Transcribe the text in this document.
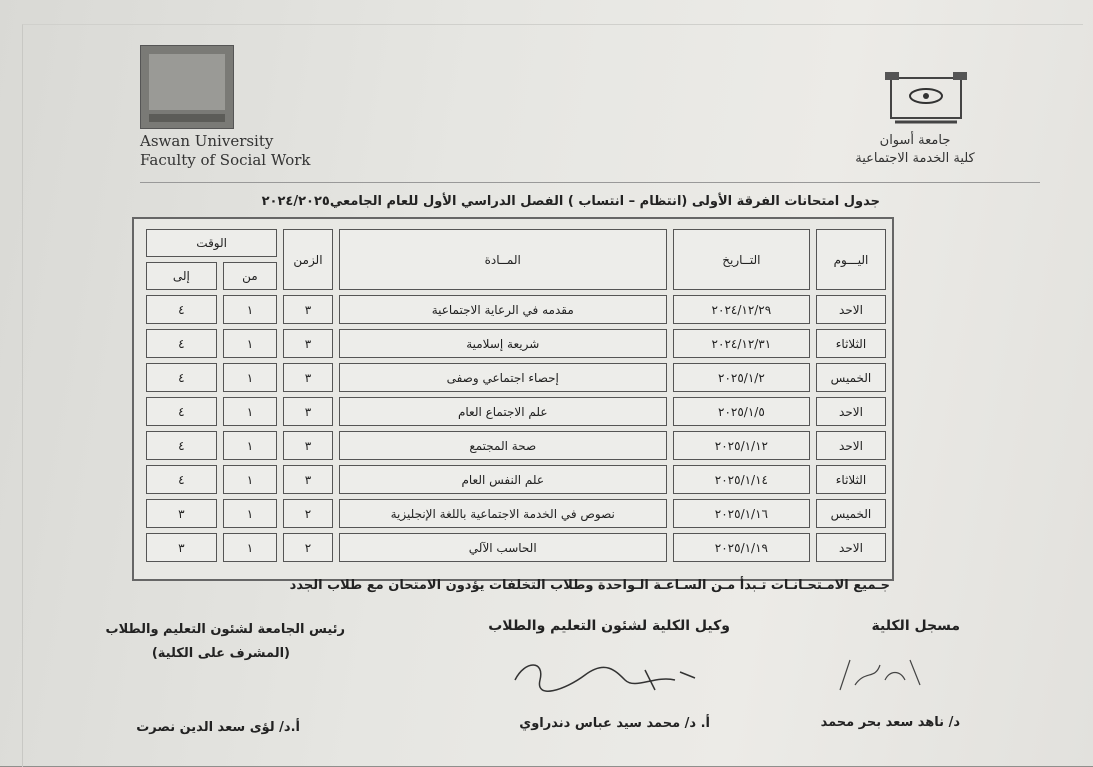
Aswan University
Faculty of Social Work
جامعة أسوان
كلية الخدمة الاجتماعية
جدول امتحانات الفرقة الأولى (انتظام – انتساب ) الفصل الدراسي الأول للعام الجامعي٢٠٢٤/٢٠٢٥
اليـــوم	التــاريخ	المــادة	الزمن	الوقت	
				من	إلى
الاحد	٢٠٢٤/١٢/٢٩	مقدمه في الرعاية الاجتماعية	٣	١	٤
الثلاثاء	٢٠٢٤/١٢/٣١	شريعة إسلامية	٣	١	٤
الخميس	٢٠٢٥/١/٢	إحصاء اجتماعي وصفى	٣	١	٤
الاحد	٢٠٢٥/١/٥	علم الاجتماع العام	٣	١	٤
الاحد	٢٠٢٥/١/١٢	صحة المجتمع	٣	١	٤
الثلاثاء	٢٠٢٥/١/١٤	علم النفس العام	٣	١	٤
الخميس	٢٠٢٥/١/١٦	نصوص في الخدمة الاجتماعية باللغة الإنجليزية	٢	١	٣
الاحد	٢٠٢٥/١/١٩	الحاسب الآلي	٢	١	٣
جـميع الامـتحـانـات تـبدأ مـن السـاعـة الـواحدة وطلاب التخلفات يؤدون الامتحان مع طلاب الجدد
مسجل الكلية
وكيل الكلية لشئون التعليم والطلاب
رئيس الجامعة لشئون التعليم والطلاب
(المشرف على الكلية)
د/ ناهد سعد بحر محمد
أ. د/ محمد سيد عباس دندراوي
أ.د/ لؤى سعد الدين نصرت
